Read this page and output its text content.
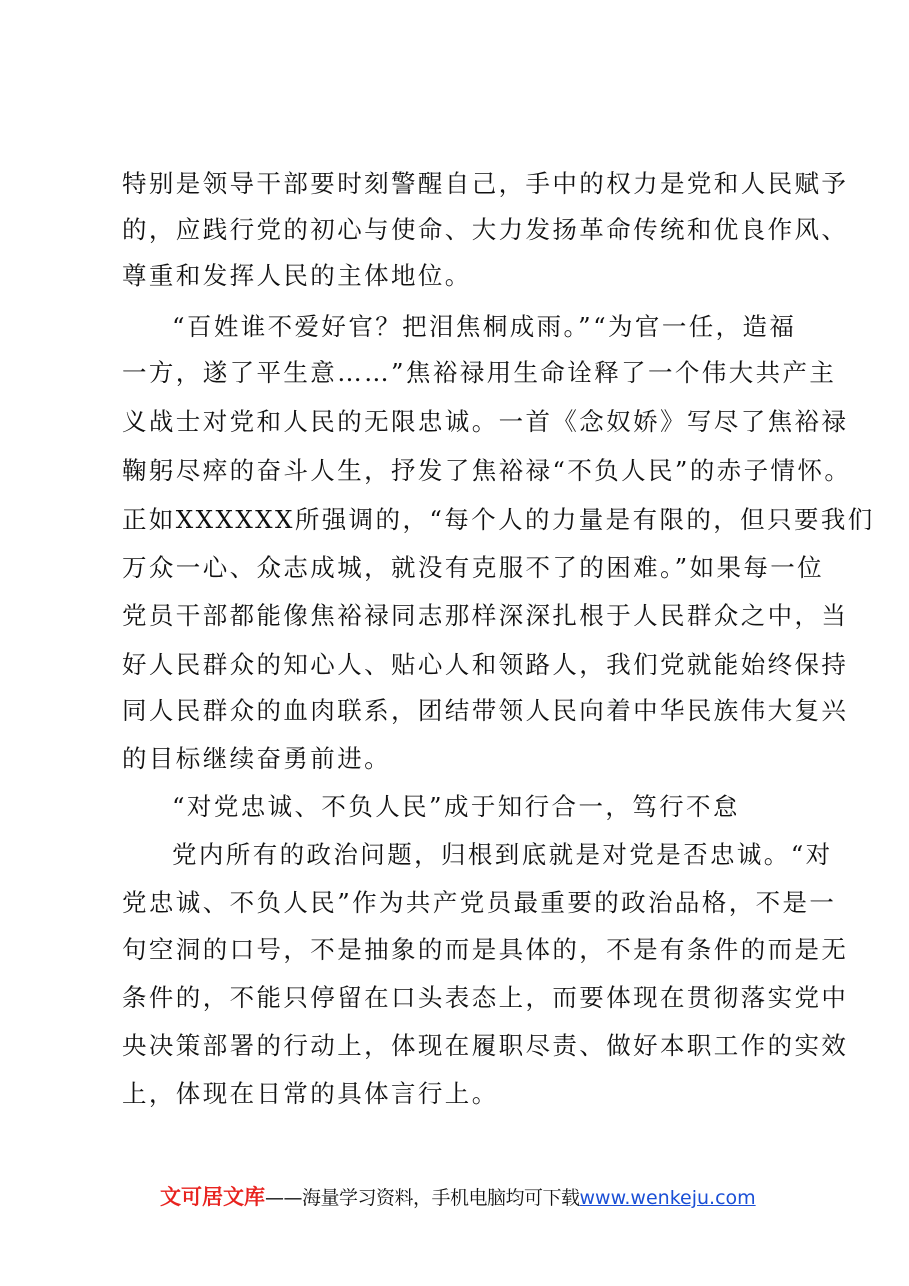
特别是领导干部要时刻警醒自己，手中的权力是党和人民赋予
的，应践行党的初心与使命、大力发扬革命传统和优良作风、
尊重和发挥人民的主体地位。
“百姓谁不爱好官？把泪焦桐成雨。”“为官一任，造福
一方，遂了平生意……”焦裕禄用生命诠释了一个伟大共产主
义战士对党和人民的无限忠诚。一首《念奴娇》写尽了焦裕禄
鞠躬尽瘁的奋斗人生，抒发了焦裕禄“不负人民”的赤子情怀。
正如XXXXXX所强调的，“每个人的力量是有限的，但只要我们
万众一心、众志成城，就没有克服不了的困难。”如果每一位
党员干部都能像焦裕禄同志那样深深扎根于人民群众之中，当
好人民群众的知心人、贴心人和领路人，我们党就能始终保持
同人民群众的血肉联系，团结带领人民向着中华民族伟大复兴
的目标继续奋勇前进。
“对党忠诚、不负人民”成于知行合一，笃行不怠
党内所有的政治问题，归根到底就是对党是否忠诚。“对
党忠诚、不负人民”作为共产党员最重要的政治品格，不是一
句空洞的口号，不是抽象的而是具体的，不是有条件的而是无
条件的，不能只停留在口头表态上，而要体现在贯彻落实党中
央决策部署的行动上，体现在履职尽责、做好本职工作的实效
上，体现在日常的具体言行上。
文可居文库——海量学习资料，手机电脑均可下载www.wenkeju.com
